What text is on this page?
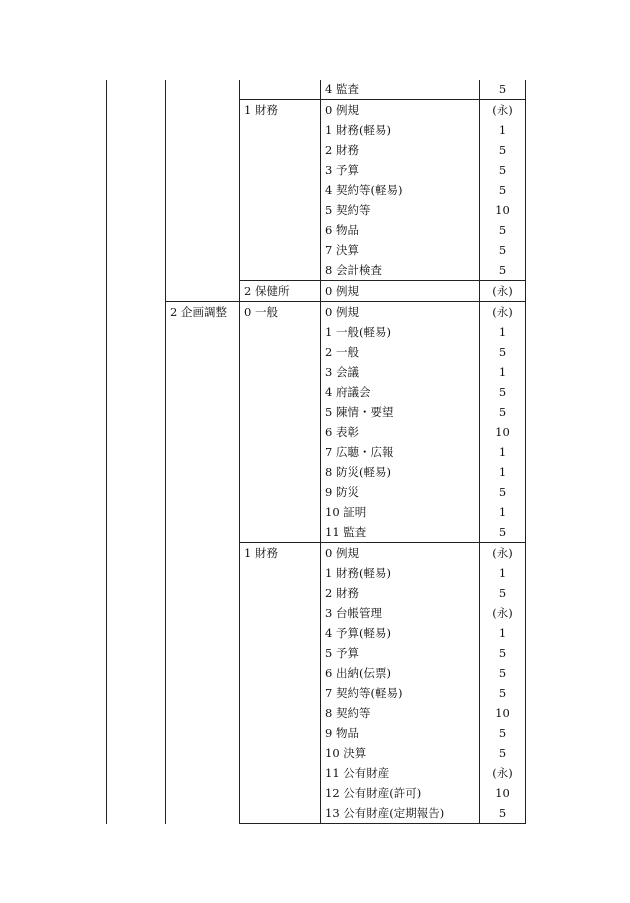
			4 監査	5
		1 財務	0 例規	(永)
			1 財務(軽易)	1
			2 財務	5
			3 予算	5
			4 契約等(軽易)	5
			5 契約等	10
			6 物品	5
			7 決算	5
			8 会計検査	5
		2 保健所	0 例規	(永)
	2 企画調整	0 一般	0 例規	(永)
			1 一般(軽易)	1
			2 一般	5
			3 会議	1
			4 府議会	5
			5 陳情・要望	5
			6 表彰	10
			7 広聴・広報	1
			8 防災(軽易)	1
			9 防災	5
			10 証明	1
			11 監査	5
		1 財務	0 例規	(永)
			1 財務(軽易)	1
			2 財務	5
			3 台帳管理	(永)
			4 予算(軽易)	1
			5 予算	5
			6 出納(伝票)	5
			7 契約等(軽易)	5
			8 契約等	10
			9 物品	5
			10 決算	5
			11 公有財産	(永)
			12 公有財産(許可)	10
			13 公有財産(定期報告)	5
